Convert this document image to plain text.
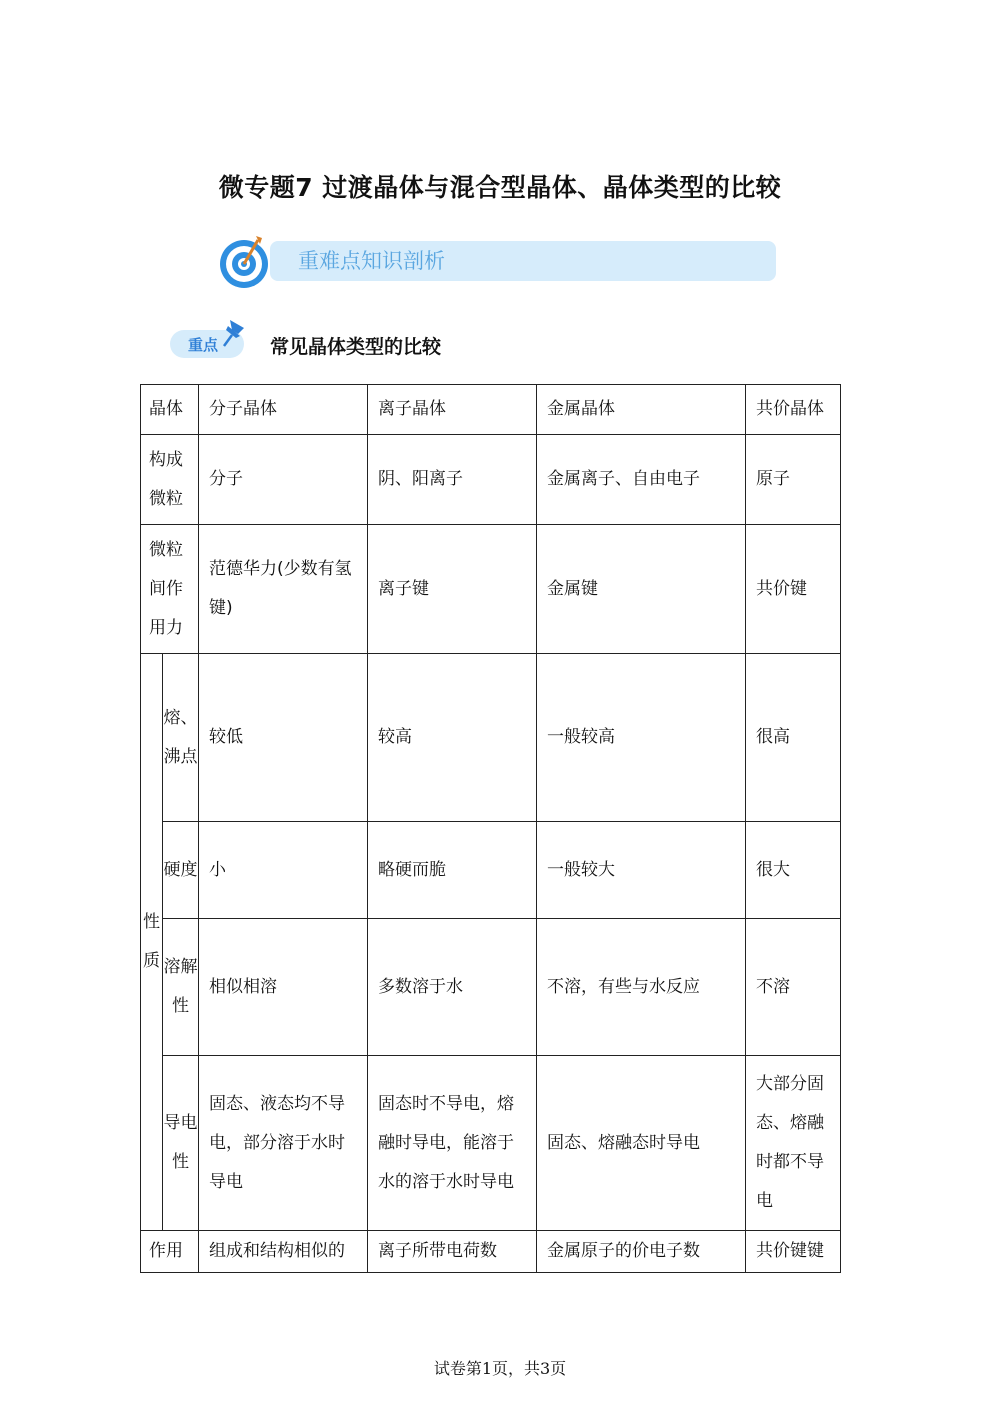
微专题7 过渡晶体与混合型晶体、晶体类型的比较
重难点知识剖析
重点	常见晶体类型的比较
晶体		分子晶体	离子晶体	金属晶体	共价晶体
构成微粒		分子	阴、阳离子	金属离子、自由电子	原子
微粒间作用力		范德华力(少数有氢键)	离子键	金属键	共价键
性质	熔、沸点	较低	较高	一般较高	很高
	硬度	小	略硬而脆	一般较大	很大
	溶解性	相似相溶	多数溶于水	不溶，有些与水反应	不溶
	导电性	固态、液态均不导电，部分溶于水时导电	固态时不导电，熔融时导电，能溶于水的溶于水时导电	固态、熔融态时导电	大部分固态、熔融时都不导电
作用		组成和结构相似的	离子所带电荷数	金属原子的价电子数	共价键键
试卷第1页，共3页
